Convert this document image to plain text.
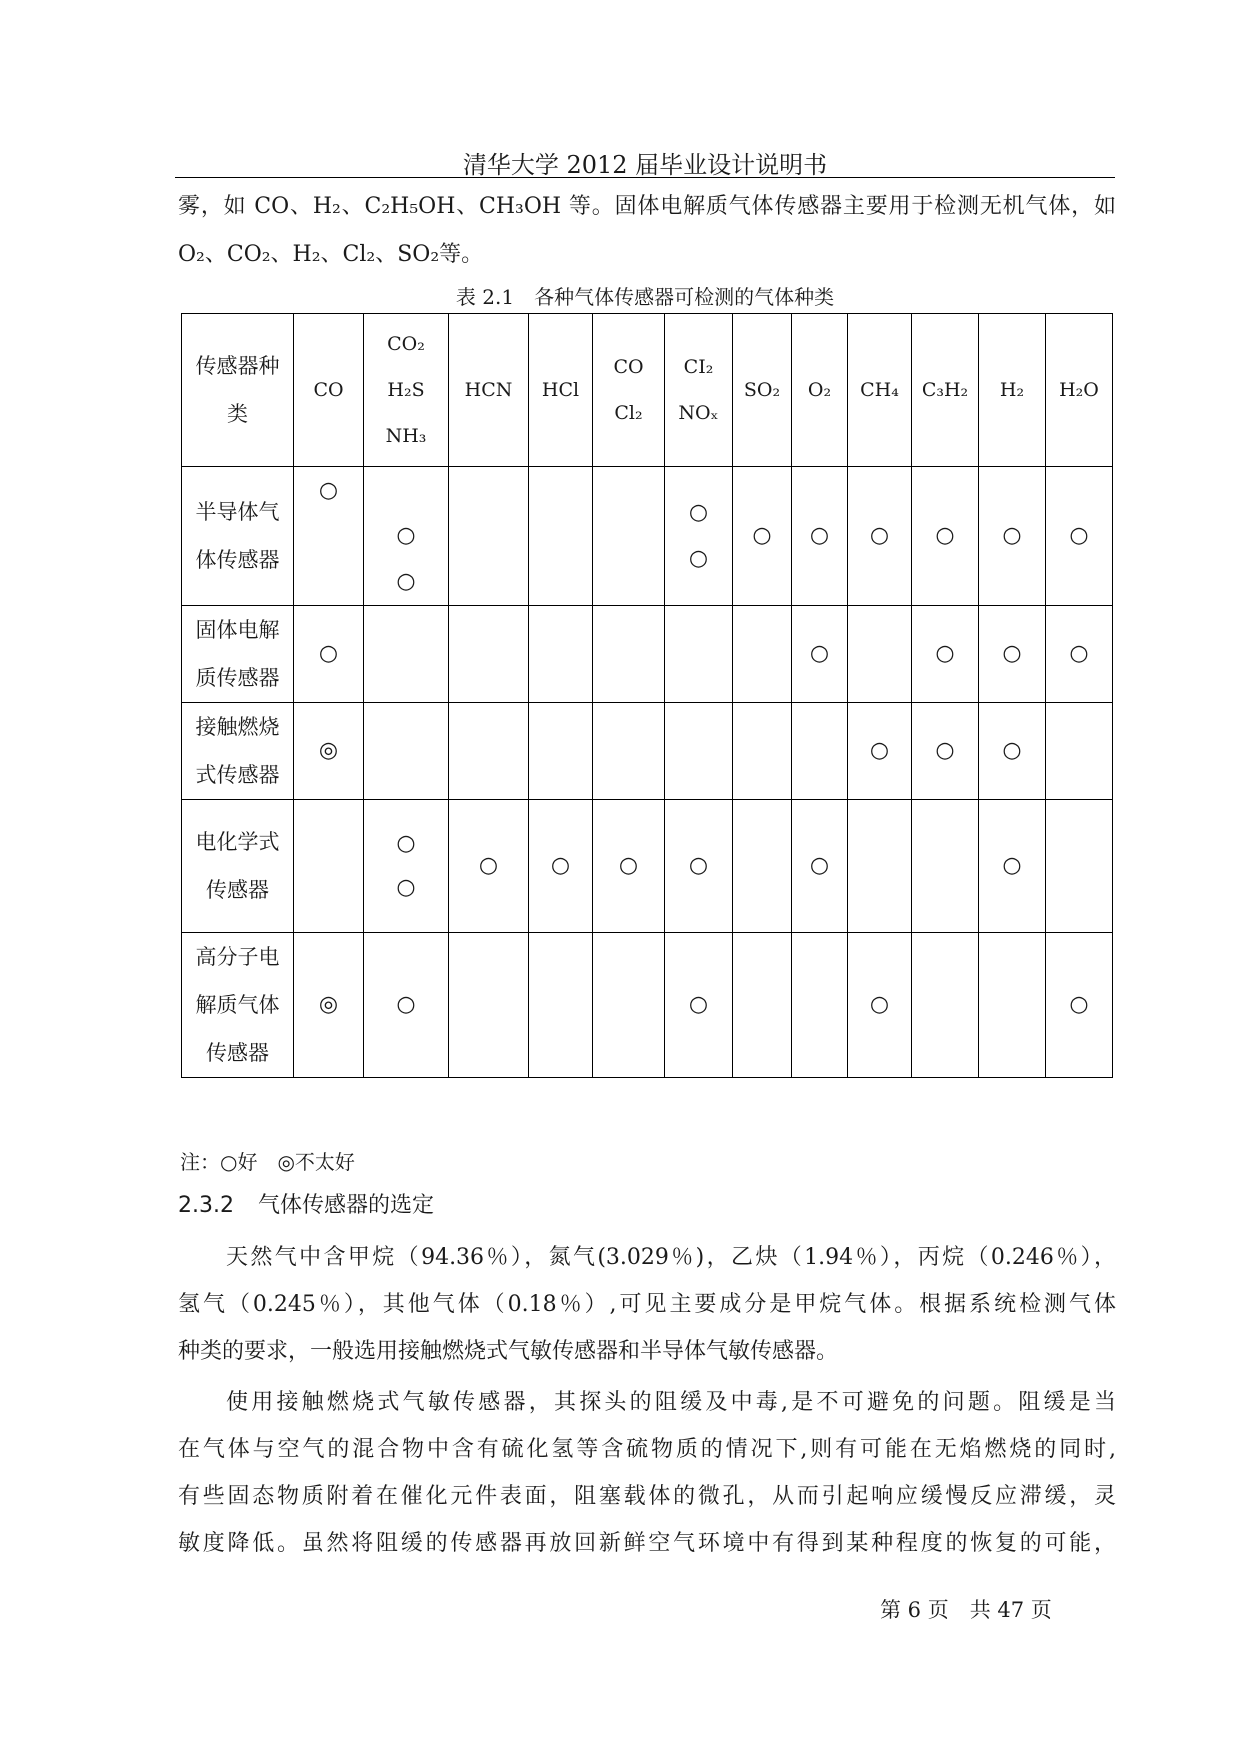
清华大学 2012 届毕业设计说明书
雾，如 CO、H₂、C₂H₅OH、CH₃OH 等。固体电解质气体传感器主要用于检测无机气体，如
O₂、CO₂、H₂、Cl₂、SO₂等。
表 2.1　各种气体传感器可检测的气体种类
传感器种
类	CO	CO₂
H₂S
NH₃	HCN	HCl	CO
Cl₂	CI₂
NOₓ	SO₂	O₂	CH₄	C₃H₂	H₂	H₂O

半导体气
体传感器	○	○
○				○
○	○	○	○	○	○	○

固体电解
质传感器	○							○		○	○	○

接触燃烧
式传感器	◎								○	○	○	

电化学式
传感器		○
○	○	○	○	○		○			○	

高分子电
解质气体
传感器	◎	○				○			○			○
注：○好　◎不太好
2.3.2 气体传感器的选定
天然气中含甲烷（94.36％），氮气(3.029％)，乙炔（1.94％），丙烷（0.246％），
氢气（0.245％），其他气体（0.18％）,可见主要成分是甲烷气体。根据系统检测气体
种类的要求，一般选用接触燃烧式气敏传感器和半导体气敏传感器。
使用接触燃烧式气敏传感器，其探头的阻缓及中毒,是不可避免的问题。阻缓是当
在气体与空气的混合物中含有硫化氢等含硫物质的情况下,则有可能在无焰燃烧的同时,
有些固态物质附着在催化元件表面，阻塞载体的微孔，从而引起响应缓慢反应滞缓，灵
敏度降低。虽然将阻缓的传感器再放回新鲜空气环境中有得到某种程度的恢复的可能，
第 6 页　共 47 页
